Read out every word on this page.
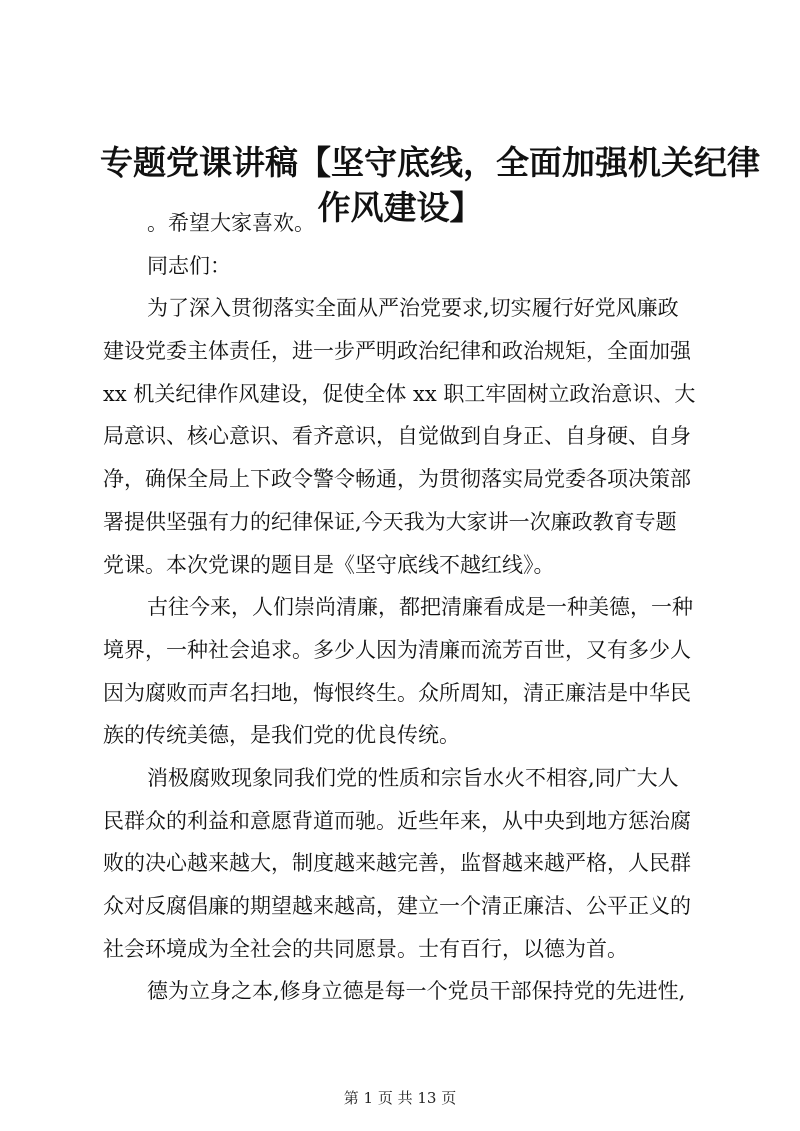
专题党课讲稿【坚守底线，全面加强机关纪律
作风建设】
。希望大家喜欢。
同志们：
为了深入贯彻落实全面从严治党要求,切实履行好党风廉政
建设党委主体责任，进一步严明政治纪律和政治规矩，全面加强
xx 机关纪律作风建设，促使全体 xx 职工牢固树立政治意识、大
局意识、核心意识、看齐意识，自觉做到自身正、自身硬、自身
净，确保全局上下政令警令畅通，为贯彻落实局党委各项决策部
署提供坚强有力的纪律保证,今天我为大家讲一次廉政教育专题
党课。本次党课的题目是《坚守底线不越红线》。
古往今来，人们崇尚清廉，都把清廉看成是一种美德，一种
境界，一种社会追求。多少人因为清廉而流芳百世，又有多少人
因为腐败而声名扫地，悔恨终生。众所周知，清正廉洁是中华民
族的传统美德，是我们党的优良传统。
消极腐败现象同我们党的性质和宗旨水火不相容,同广大人
民群众的利益和意愿背道而驰。近些年来，从中央到地方惩治腐
败的决心越来越大，制度越来越完善，监督越来越严格，人民群
众对反腐倡廉的期望越来越高，建立一个清正廉洁、公平正义的
社会环境成为全社会的共同愿景。士有百行，以德为首。
德为立身之本,修身立德是每一个党员干部保持党的先进性,
第 1 页 共 13 页
